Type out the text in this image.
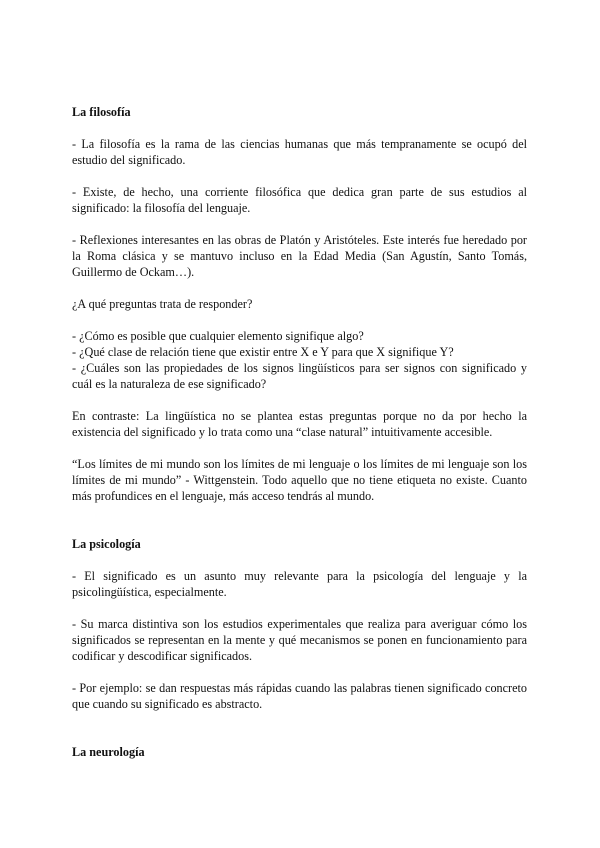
La filosofía

- La filosofía es la rama de las ciencias humanas que más tempranamente se ocupó del estudio del significado.

- Existe, de hecho, una corriente filosófica que dedica gran parte de sus estudios al significado: la filosofía del lenguaje.

- Reflexiones interesantes en las obras de Platón y Aristóteles. Este interés fue heredado por la Roma clásica y se mantuvo incluso en la Edad Media (San Agustín, Santo Tomás, Guillermo de Ockam…).

¿A qué preguntas trata de responder?

- ¿Cómo es posible que cualquier elemento signifique algo?

- ¿Qué clase de relación tiene que existir entre X e Y para que X signifique Y?

- ¿Cuáles son las propiedades de los signos lingüísticos para ser signos con significado y cuál es la naturaleza de ese significado?

En contraste: La lingüística no se plantea estas preguntas porque no da por hecho la existencia del significado y lo trata como una “clase natural” intuitivamente accesible.

“Los límites de mi mundo son los límites de mi lenguaje o los límites de mi lenguaje son los límites de mi mundo” - Wittgenstein. Todo aquello que no tiene etiqueta no existe. Cuanto más profundices en el lenguaje, más acceso tendrás al mundo.

La psicología

- El significado es un asunto muy relevante para la psicología del lenguaje y la psicolingüística, especialmente.

- Su marca distintiva son los estudios experimentales que realiza para averiguar cómo los significados se representan en la mente y qué mecanismos se ponen en funcionamiento para codificar y descodificar significados.

- Por ejemplo: se dan respuestas más rápidas cuando las palabras tienen significado concreto que cuando su significado es abstracto.

La neurología
